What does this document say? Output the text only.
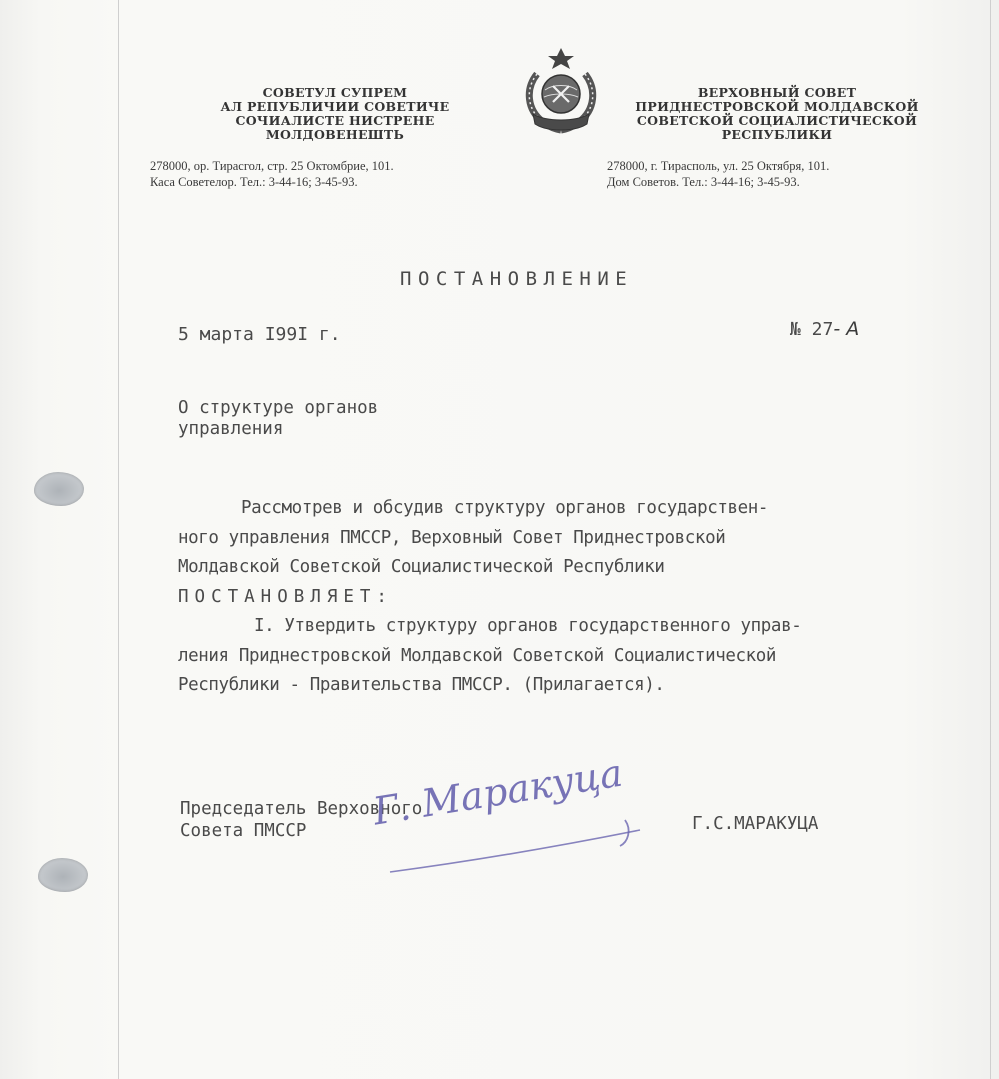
СОВЕТУЛ СУПРЕМ
АЛ РЕПУБЛИЧИИ СОВЕТИЧЕ
СОЧИАЛИСТЕ НИСТРЕНЕ
МОЛДОВЕНЕШТЬ
278000, ор. Тирасгол, стр. 25 Октомбрие, 101.
Каса Советелор. Тел.: 3-44-16; 3-45-93.
ВЕРХОВНЫЙ СОВЕТ
ПРИДНЕСТРОВСКОЙ МОЛДАВСКОЙ
СОВЕТСКОЙ СОЦИАЛИСТИЧЕСКОЙ
РЕСПУБЛИКИ
278000, г. Тирасполь, ул. 25 Октября, 101.
Дом Советов. Тел.: 3-44-16; 3-45-93.
ПОСТАНОВЛЕНИЕ
5 марта I99I г.	№ 27- А
О структуре органов
управления
Рассмотрев и обсудив структуру органов государствен-
ного управления ПМССР, Верховный Совет Приднестровской
Молдавской Советской Социалистической Республики
ПОСТАНОВЛЯЕТ:
I. Утвердить структуру органов государственного управ-
ления Приднестровской Молдавской Советской Социалистической
Республики - Правительства ПМССР. (Прилагается).
Председатель Верховного
Совета ПМССР	Г. Маракуца	Г.С.МАРАКУЦА
